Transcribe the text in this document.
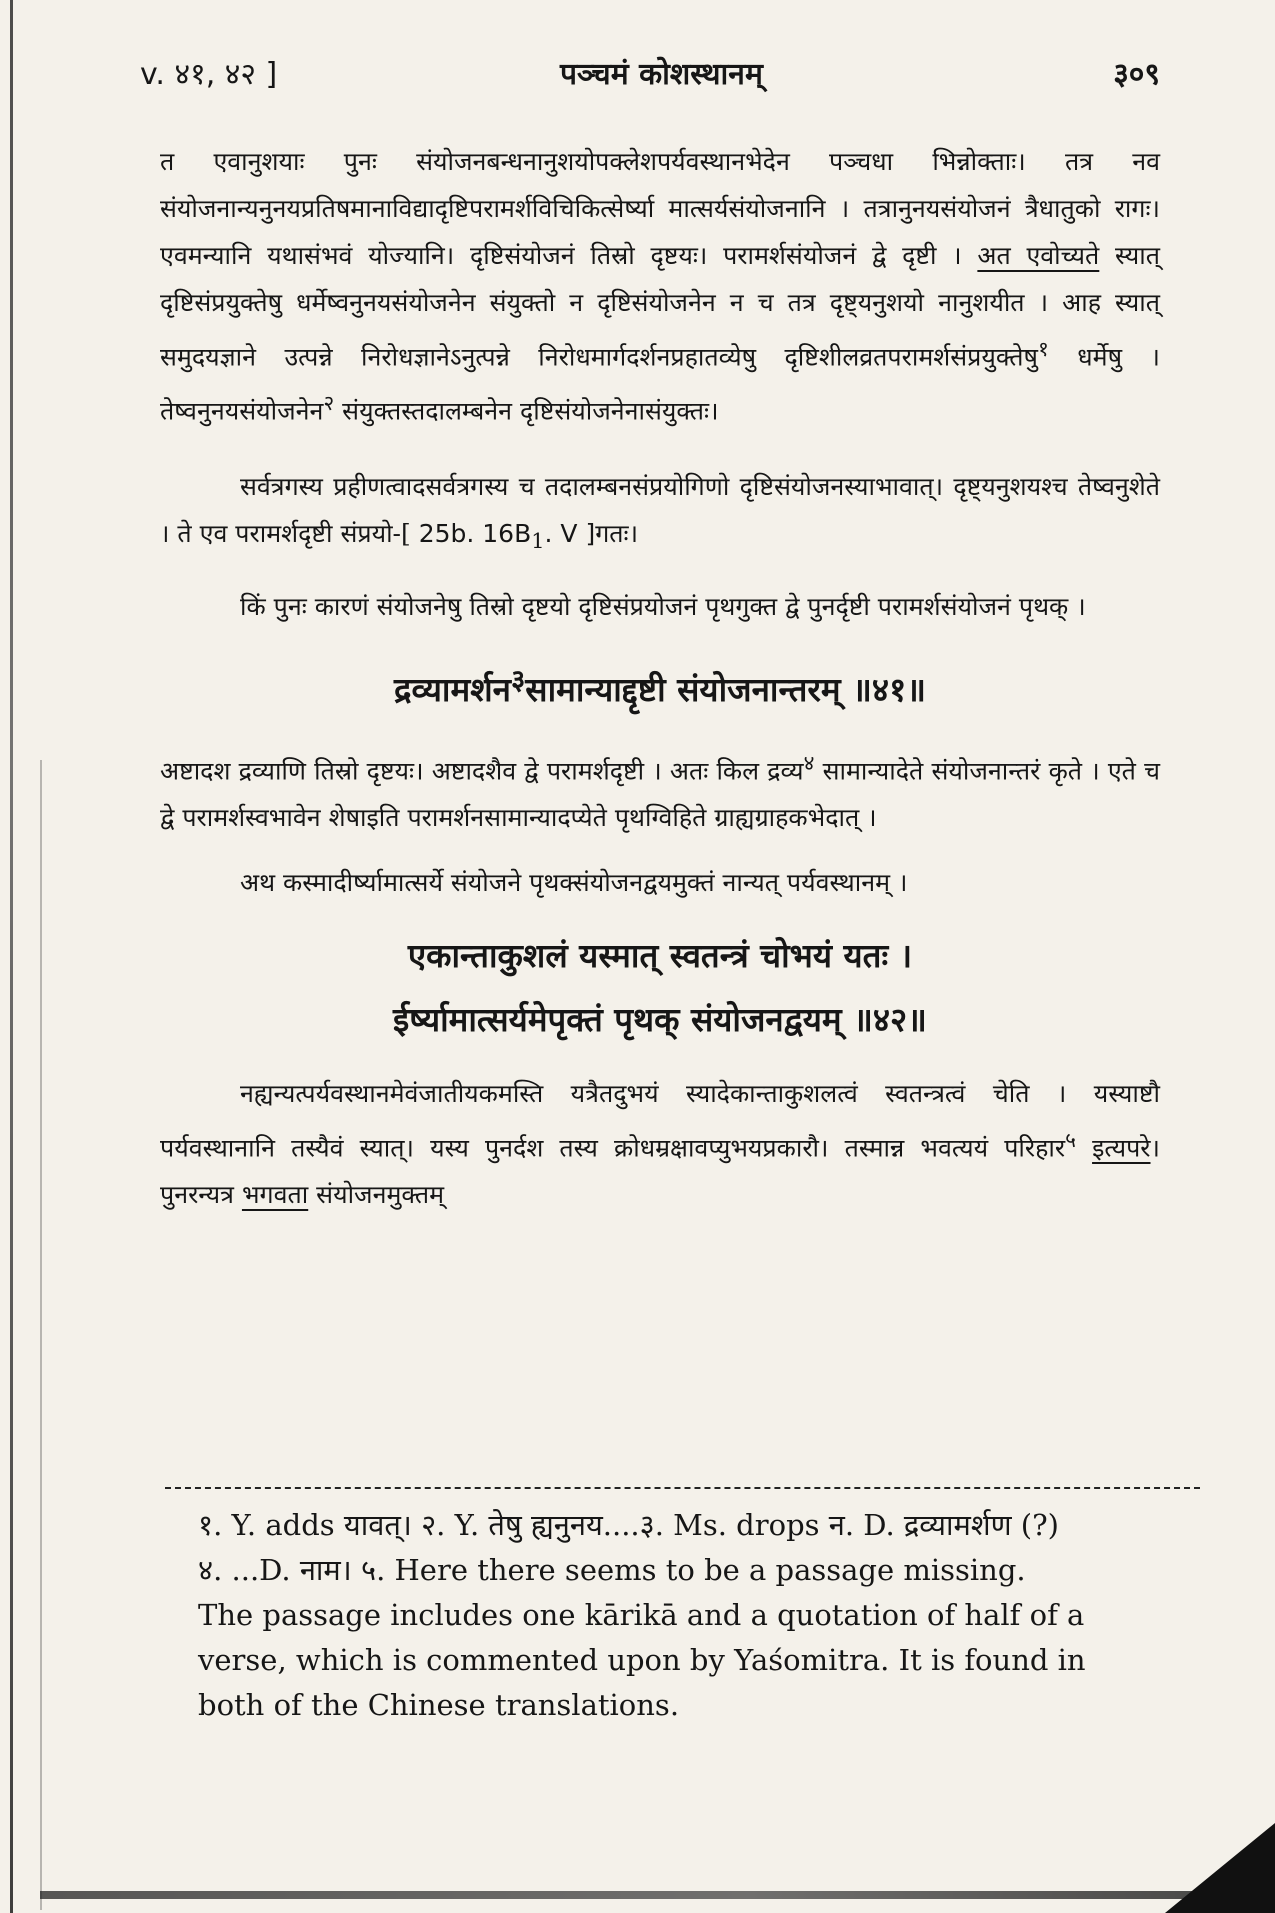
v. ४१, ४२ ]	पञ्चमं कोशस्थानम्	३०९

त एवानुशयाः पुनः संयोजनबन्धनानुशयोपक्लेशपर्यवस्थानभेदेन पञ्चधा भिन्नोक्ताः। तत्र नव संयोजनान्यनुनयप्रतिषमानाविद्यादृष्टिपरामर्शविचिकित्सेर्ष्या मात्सर्यसंयोजनानि । तत्रानुनयसंयोजनं त्रैधातुको रागः। एवमन्यानि यथासंभवं योज्यानि। दृष्टिसंयोजनं तिस्रो दृष्टयः। परामर्शसंयोजनं द्वे दृष्टी । अत एवोच्यते स्यात् दृष्टिसंप्रयुक्तेषु धर्मेष्वनुनयसंयोजनेन संयुक्तो न दृष्टिसंयोजनेन न च तत्र दृष्ट्यनुशयो नानुशयीत । आह स्यात् समुदयज्ञाने उत्पन्ने निरोधज्ञानेऽनुत्पन्ने निरोधमार्गदर्शनप्रहातव्येषु दृष्टिशीलव्रतपरामर्शसंप्रयुक्तेषु$^१$ धर्मेषु । तेष्वनुनयसंयोजनेन$^२$ संयुक्तस्तदालम्बनेन दृष्टिसंयोजनेनासंयुक्तः।

सर्वत्रगस्य प्रहीणत्वादसर्वत्रगस्य च तदालम्बनसंप्रयोगिणो दृष्टिसंयोजनस्याभावात्। दृष्ट्यनुशयश्च तेष्वनुशेते । ते एव परामर्शदृष्टी संप्रयो-[ 25b. $16B_1$. V ]गतः।

किं पुनः कारणं संयोजनेषु तिस्रो दृष्टयो दृष्टिसंप्रयोजनं पृथगुक्त द्वे पुनर्दृष्टी परामर्शसंयोजनं पृथक् ।

द्रव्यामर्शन$^३$सामान्याद्दृष्टी संयोजनान्तरम् ॥४१॥

अष्टादश द्रव्याणि तिस्रो दृष्टयः। अष्टादशैव द्वे परामर्शदृष्टी । अतः किल द्रव्य$^४$ सामान्यादेते संयोजनान्तरं कृते । एते च द्वे परामर्शस्वभावेन शेषाइति परामर्शनसामान्यादप्येते पृथग्विहिते ग्राह्यग्राहकभेदात् ।

अथ कस्मादीर्ष्यामात्सर्ये संयोजने पृथक्संयोजनद्वयमुक्तं नान्यत् पर्यवस्थानम् ।

एकान्ताकुशलं यस्मात् स्वतन्त्रं चोभयं यतः ।

ईर्ष्यामात्सर्यमेपृक्तं पृथक् संयोजनद्वयम् ॥४२॥

नह्यन्यत्पर्यवस्थानमेवंजातीयकमस्ति यत्रैतदुभयं स्यादेकान्ताकुशलत्वं स्वतन्त्रत्वं चेति । यस्याष्टौ पर्यवस्थानानि तस्यैवं स्यात्। यस्य पुनर्दश तस्य क्रोधम्रक्षावप्युभयप्रकारौ। तस्मान्न भवत्ययं परिहार$^५$ इत्यपरे। पुनरन्यत्र भगवता संयोजनमुक्तम्

१. Y. adds यावत्। २. Y. तेषु ह्यनुनय....३. Ms. drops न. D. द्रव्यामर्शण (?)

४. ...D. नाम। ५. Here there seems to be a passage missing.

The passage includes one kārikā and a quotation of half of a

verse, which is commented upon by Yaśomitra. It is found in

both of the Chinese translations.
